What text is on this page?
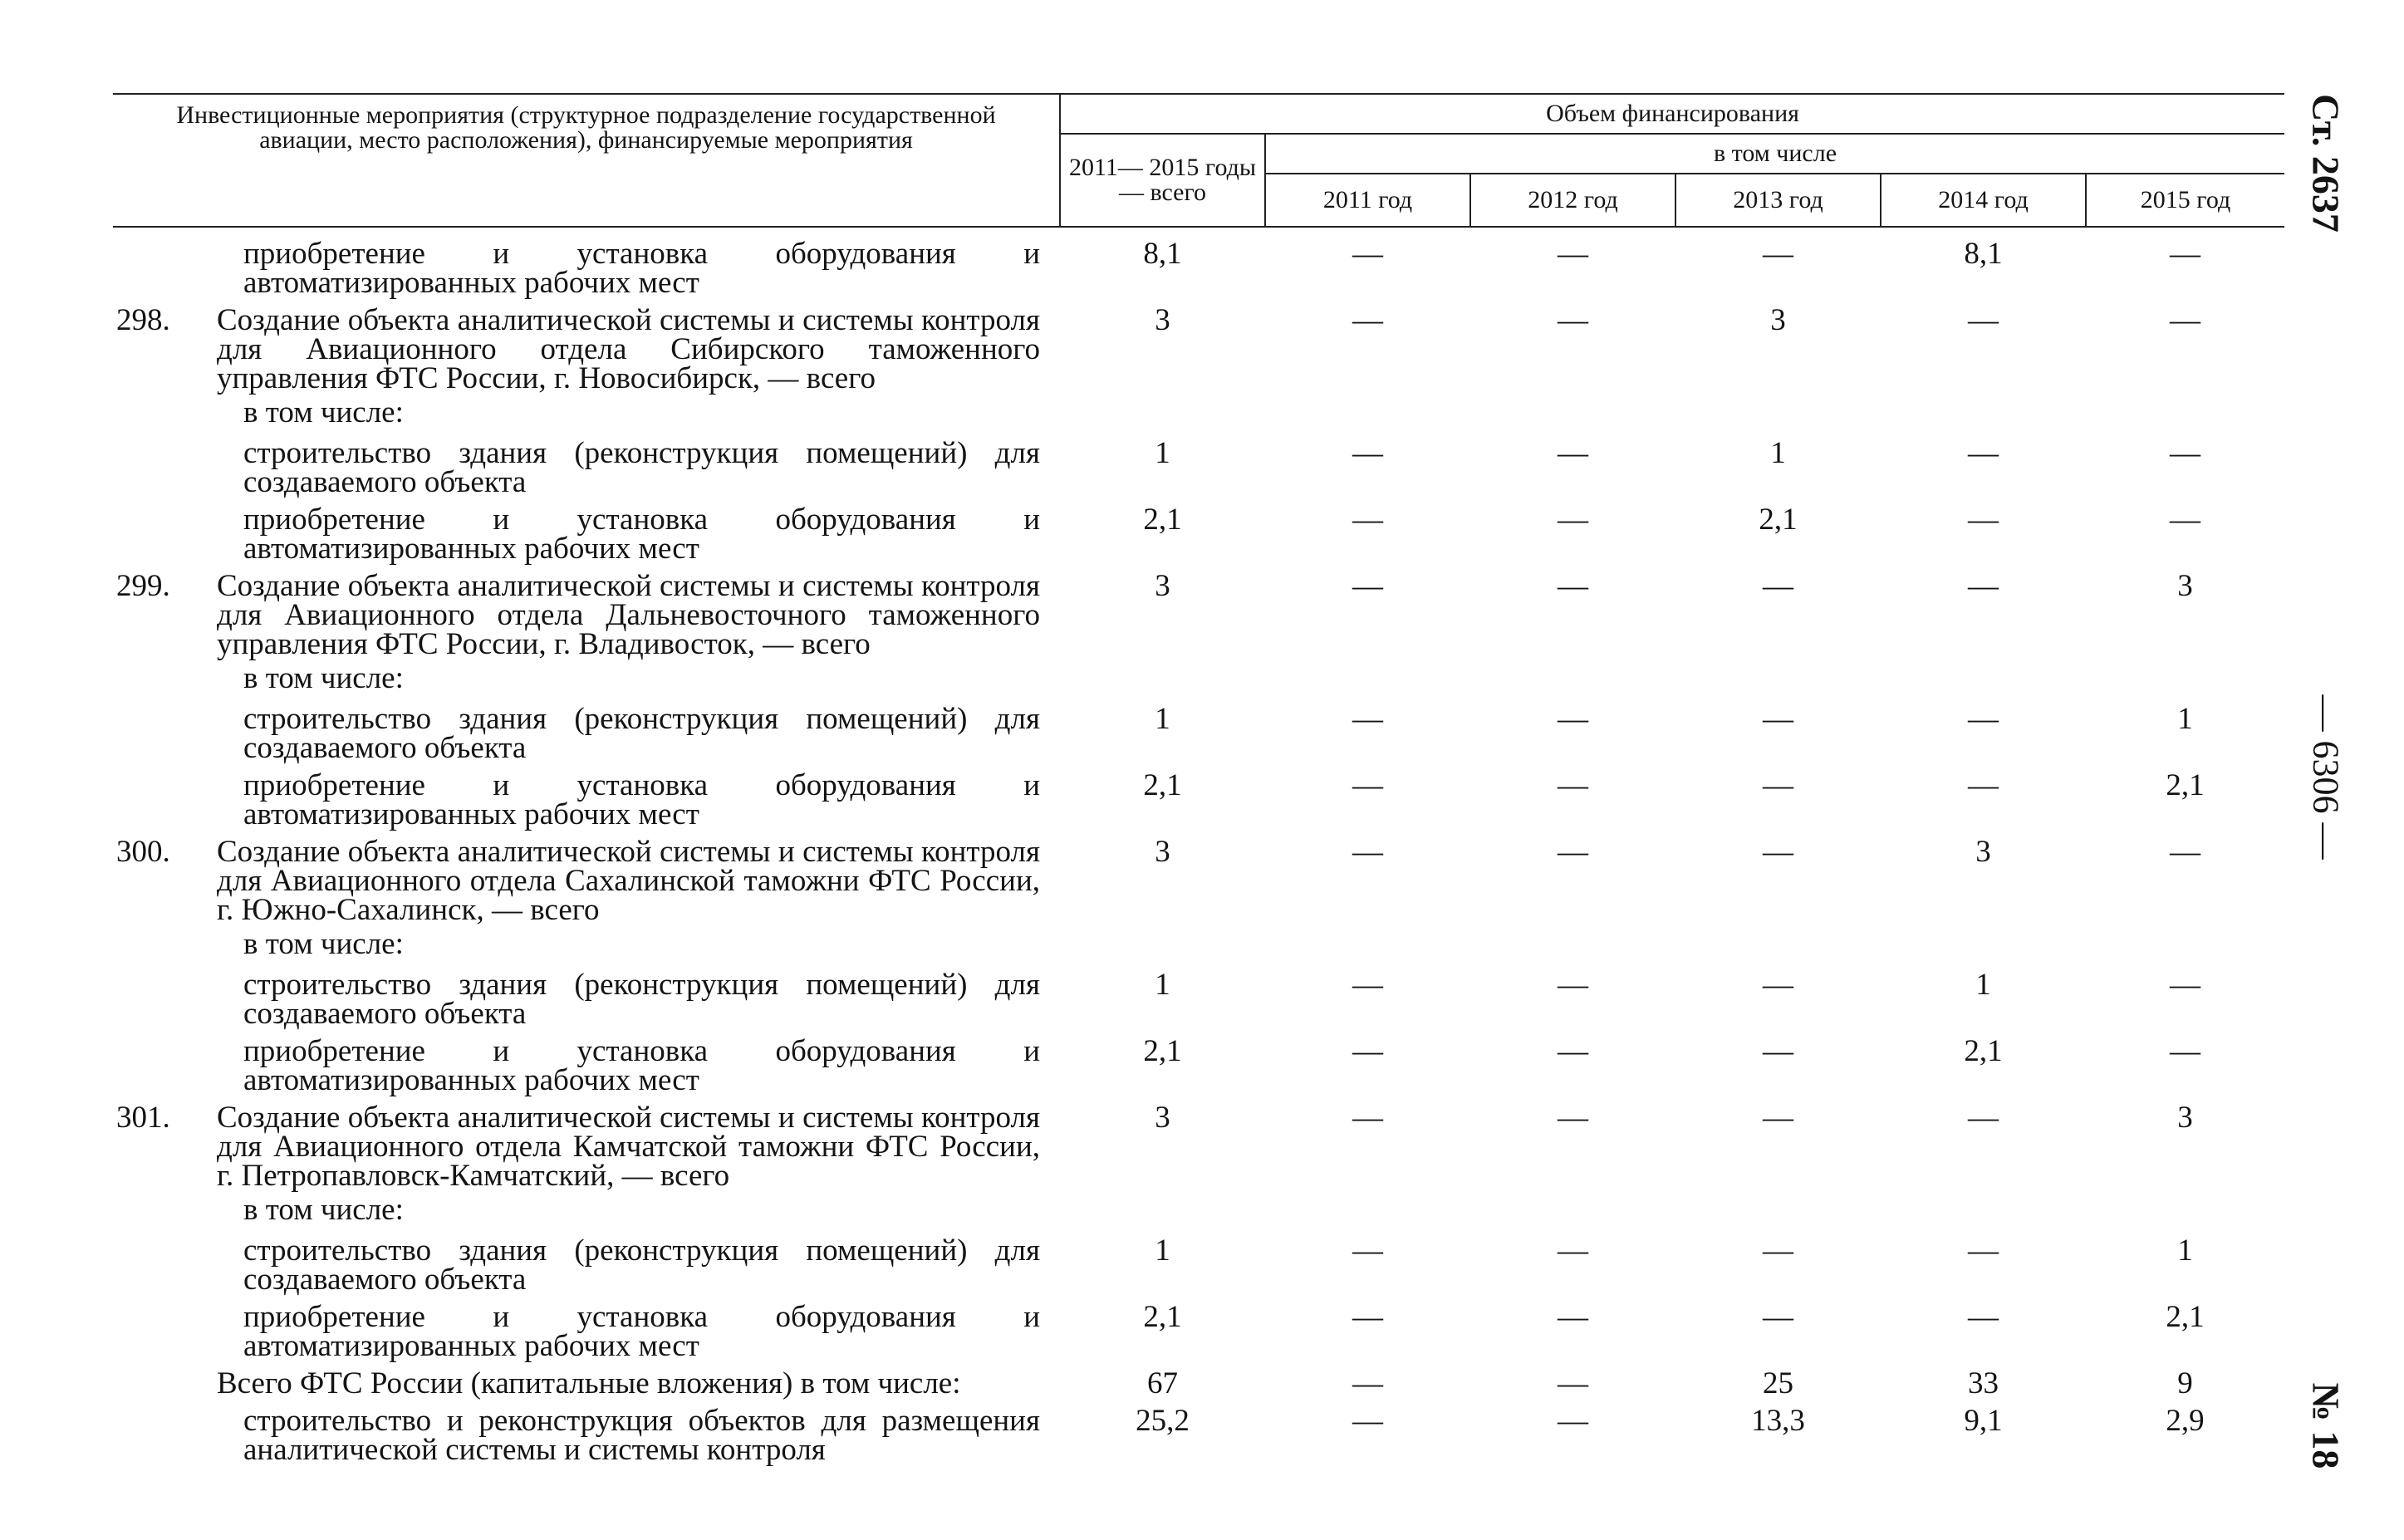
Ст. 2637
— 6306 —
№ 18
Инвестиционные мероприятия (структурное подразделение государственной авиации, место расположения), финансируемые мероприятия		Объем финансирования					
		2011— 2015 годы — всего	в том числе				
			2011 год	2012 год	2013 год	2014 год	2015 год
	приобретение и установка оборудования и автоматизированных рабочих мест	8,1	—	—	—	8,1	—
298.	Создание объекта аналитической системы и системы контроля для Авиационного отдела Сибирского таможенного управления ФТС России, г. Новосибирск, — всего	3	—	—	3	—	—
	в том числе:						
	строительство здания (реконструкция помещений) для создаваемого объекта	1	—	—	1	—	—
	приобретение и установка оборудования и автоматизированных рабочих мест	2,1	—	—	2,1	—	—
299.	Создание объекта аналитической системы и системы контроля для Авиационного отдела Дальневосточного таможенного управления ФТС России, г. Владивосток, — всего	3	—	—	—	—	3
	в том числе:						
	строительство здания (реконструкция помещений) для создаваемого объекта	1	—	—	—	—	1
	приобретение и установка оборудования и автоматизированных рабочих мест	2,1	—	—	—	—	2,1
300.	Создание объекта аналитической системы и системы контроля для Авиационного отдела Сахалинской таможни ФТС России, г. Южно-Сахалинск, — всего	3	—	—	—	3	—
	в том числе:						
	строительство здания (реконструкция помещений) для создаваемого объекта	1	—	—	—	1	—
	приобретение и установка оборудования и автоматизированных рабочих мест	2,1	—	—	—	2,1	—
301.	Создание объекта аналитической системы и системы контроля для Авиационного отдела Камчатской таможни ФТС России, г. Петропавловск-Камчатский, — всего	3	—	—	—	—	3
	в том числе:						
	строительство здания (реконструкция помещений) для создаваемого объекта	1	—	—	—	—	1
	приобретение и установка оборудования и автоматизированных рабочих мест	2,1	—	—	—	—	2,1
	Всего ФТС России (капитальные вложения) в том числе:	67	—	—	25	33	9
	строительство и реконструкция объектов для размещения аналитической системы и системы контроля	25,2	—	—	13,3	9,1	2,9
